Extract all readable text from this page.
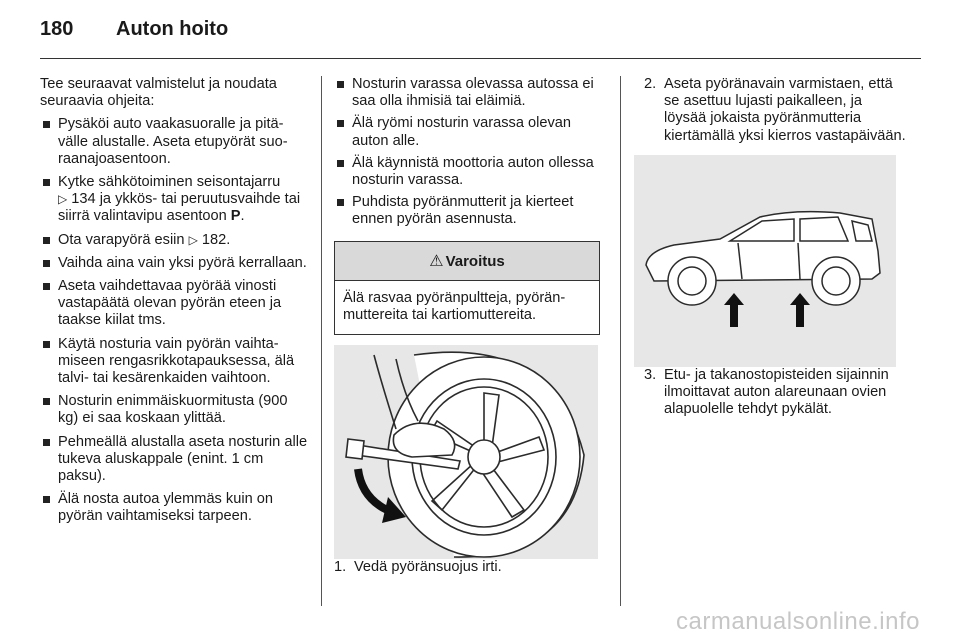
180 Auton hoito

Tee seuraavat valmistelut ja noudata seuraavia ohjeita:

Pysäköi auto vaakasuoralle ja pitävälle alustalle. Aseta etupyörät suoraanajoasentoon.
Kytke sähkötoiminen seisontajarru
▷ 134 ja ykkös- tai peruutusvaihde tai siirrä valintavipu asentoon P.
Ota varapyörä esiin ▷ 182.
Vaihda aina vain yksi pyörä kerrallaan.
Aseta vaihdettavaa pyörää vinosti vastapäätä olevan pyörän eteen ja taakse kiilat tms.
Käytä nosturia vain pyörän vaihtamiseen rengasrikkotapauksessa, älä talvi- tai kesärenkaiden vaihtoon.
Nosturin enimmäiskuormitusta (900 kg) ei saa koskaan ylittää.
Pehmeällä alustalla aseta nosturin alle tukeva aluskappale (enint. 1 cm paksu).
Älä nosta autoa ylemmäs kuin on pyörän vaihtamiseksi tarpeen.
Nosturin varassa olevassa autossa ei saa olla ihmisiä tai eläimiä.
Älä ryömi nosturin varassa olevan auton alle.
Älä käynnistä moottoria auton ollessa nosturin varassa.
Puhdista pyöränmutterit ja kierteet ennen pyörän asennusta.
⚠ Varoitus
Älä rasvaa pyöränpultteja, pyöränmuttereita tai kartiomuttereita.
1. Vedä pyöränsuojus irti.
2. Aseta pyöränavain varmistaen, että se asettuu lujasti paikalleen, ja löysää jokaista pyöränmutteria kiertämällä yksi kierros vastapäivään.
3. Etu- ja takanostopisteiden sijainnin ilmoittavat auton alareunaan ovien alapuolelle tehdyt pykälät.
carmanualsonline.info
